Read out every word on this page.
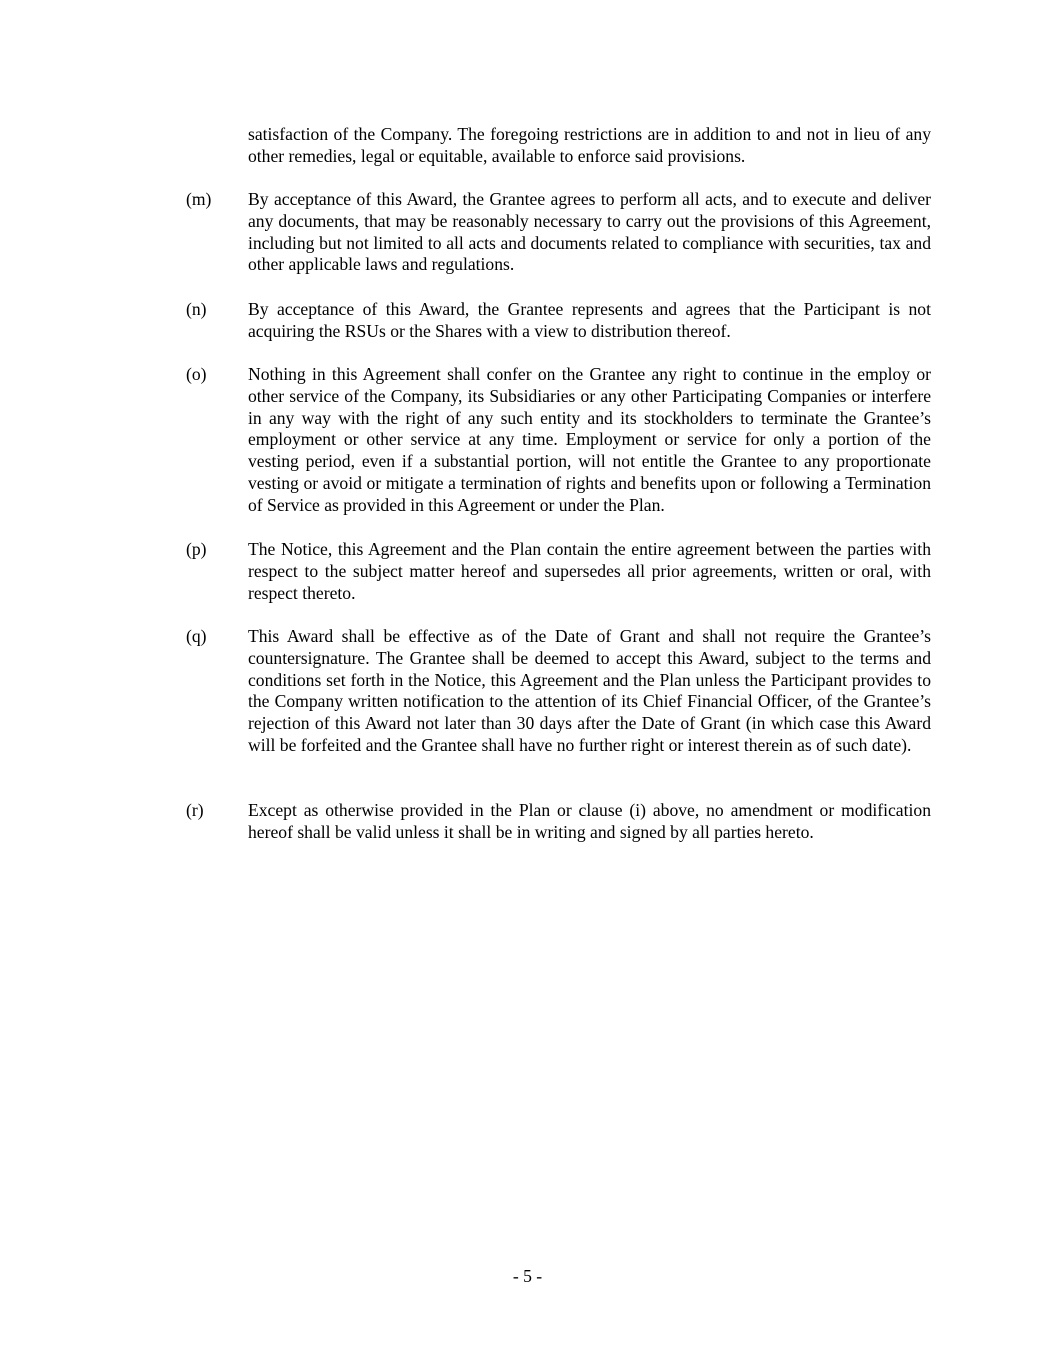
satisfaction of the Company. The foregoing restrictions are in addition to and not in lieu of any other remedies, legal or equitable, available to enforce said provisions.

(m) By acceptance of this Award, the Grantee agrees to perform all acts, and to execute and deliver any documents, that may be reasonably necessary to carry out the provisions of this Agreement, including but not limited to all acts and documents related to compliance with securities, tax and other applicable laws and regulations.
(n) By acceptance of this Award, the Grantee represents and agrees that the Participant is not acquiring the RSUs or the Shares with a view to distribution thereof.
(o) Nothing in this Agreement shall confer on the Grantee any right to continue in the employ or other service of the Company, its Subsidiaries or any other Participating Companies or interfere in any way with the right of any such entity and its stockholders to terminate the Grantee’s employment or other service at any time. Employment or service for only a portion of the vesting period, even if a substantial portion, will not entitle the Grantee to any proportionate vesting or avoid or mitigate a termination of rights and benefits upon or following a Termination of Service as provided in this Agreement or under the Plan.
(p) The Notice, this Agreement and the Plan contain the entire agreement between the parties with respect to the subject matter hereof and supersedes all prior agreements, written or oral, with respect thereto.
(q) This Award shall be effective as of the Date of Grant and shall not require the Grantee’s countersignature. The Grantee shall be deemed to accept this Award, subject to the terms and conditions set forth in the Notice, this Agreement and the Plan unless the Participant provides to the Company written notification to the attention of its Chief Financial Officer, of the Grantee’s rejection of this Award not later than 30 days after the Date of Grant (in which case this Award will be forfeited and the Grantee shall have no further right or interest therein as of such date).
(r)	Except as otherwise provided in the Plan or clause (i) above, no amendment or modification hereof shall be valid unless it shall be in writing and signed by all parties hereto.
- 5 -
